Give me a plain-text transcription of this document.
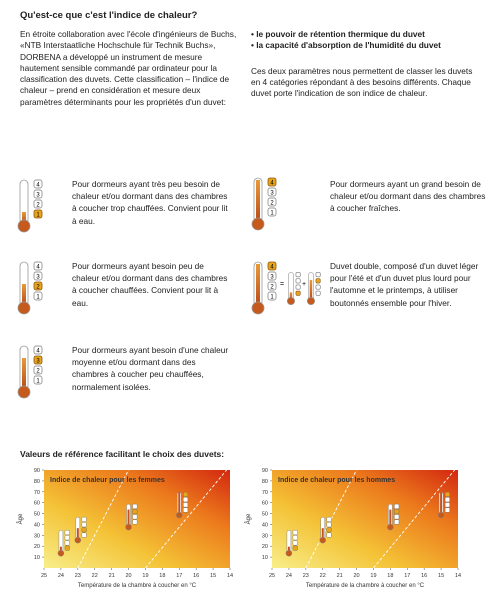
Qu'est-ce que c'est l'indice de chaleur?
En étroite collaboration avec l'école d'ingénieurs de Buchs, «NTB Interstaatliche Hochschule für Technik Buchs», DORBENA a développé un instrument de mesure hautement sensible commandé par ordinateur pour la classification des duvets. Cette classification – l'indice de chaleur – prend en considération et mesure deux paramètres déterminants pour les propriétés d'un duvet:
• le pouvoir de rétention thermique du duvet
• la capacité d'absorption de l'humidité du duvet
Ces deux paramètres nous permettent de classer les duvets en 4 catégories répondant à des besoins différents. Chaque duvet porte l'indication de son indice de chaleur.
4
3
2
1
Pour dormeurs ayant très peu besoin de chaleur et/ou dormant dans des chambres à coucher trop chauffées. Convient pour lit à eau.
4
3
2
1
Pour dormeurs ayant besoin peu de chaleur et/ou dormant dans des chambres à coucher chauffées. Convient pour lit à eau.
4
3
2
1
Pour dormeurs ayant besoin d'une chaleur moyenne et/ou dormant dans des chambres à coucher peu chauffées, normalement isolées.
4
3
2
1
Pour dormeurs ayant un grand besoin de chaleur et/ou dormant dans des chambres à coucher fraîches.
4
3
2
1
=	+
Duvet double, composé d'un duvet léger pour l'été et d'un duvet plus lourd pour l'automne et le printemps, à utiliser boutonnés ensemble pour l'hiver.
Valeurs de référence facilitant le choix des duvets:
10
20
30
40
50
60
70
80
90
25 24 23 22 21 20 19 18 17 16 15 14
Âge
Température de la chambre à coucher en °C
Indice de chaleur pour les femmes
10
20
30
40
50
60
70
80
90
25 24 23 22 21 20 19 18 17 16 15 14
Âge
Température de la chambre à coucher en °C
Indice de chaleur pour les hommes
